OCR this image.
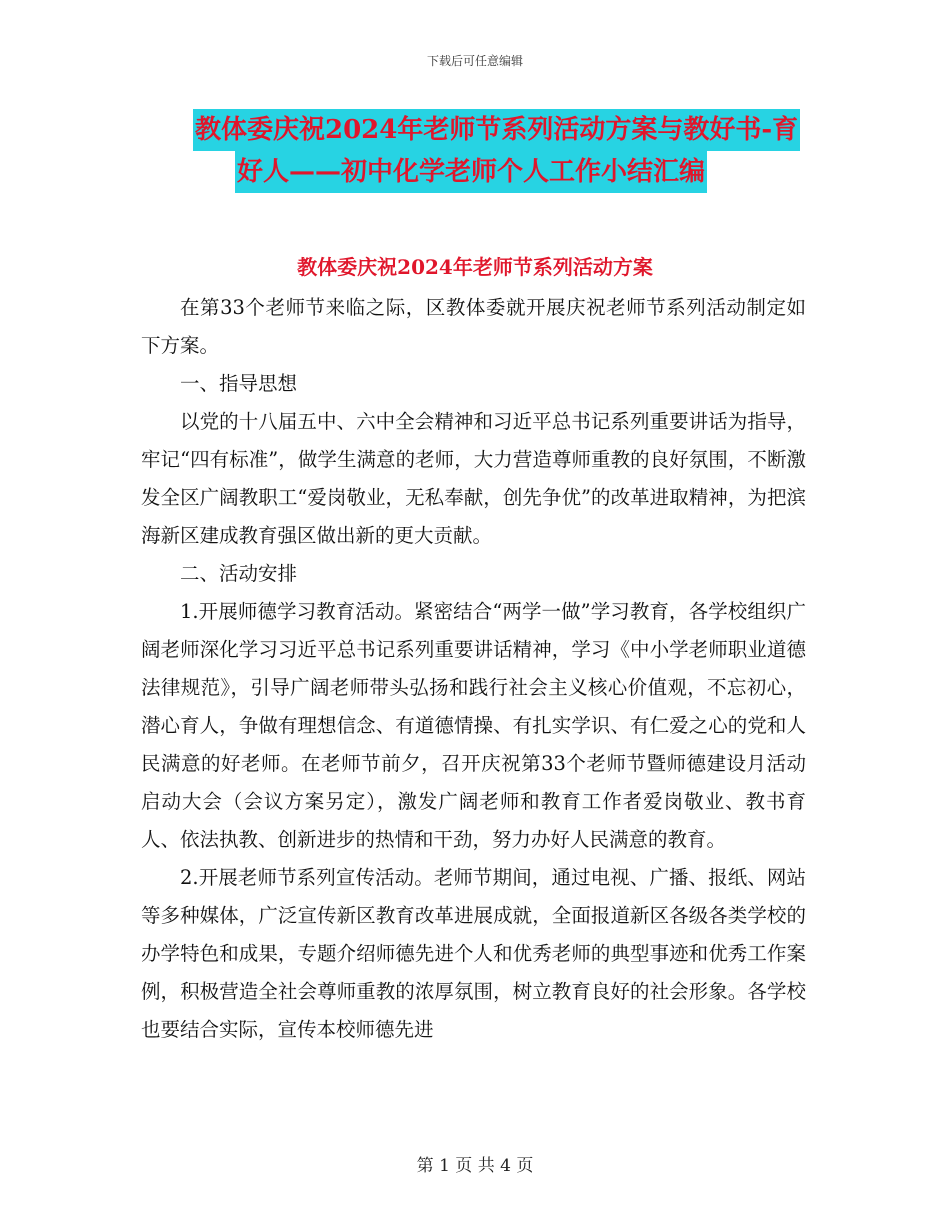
下载后可任意编辑
教体委庆祝2024年老师节系列活动方案与教好书-育
好人——初中化学老师个人工作小结汇编
教体委庆祝2024年老师节系列活动方案

在第33个老师节来临之际，区教体委就开展庆祝老师节系列活动制定如下方案。

一、指导思想

以党的十八届五中、六中全会精神和习近平总书记系列重要讲话为指导，牢记“四有标准”，做学生满意的老师，大力营造尊师重教的良好氛围，不断激发全区广阔教职工“爱岗敬业，无私奉献，创先争优”的改革进取精神，为把滨海新区建成教育强区做出新的更大贡献。

二、活动安排

1.开展师德学习教育活动。紧密结合“两学一做”学习教育，各学校组织广阔老师深化学习习近平总书记系列重要讲话精神，学习《中小学老师职业道德法律规范》，引导广阔老师带头弘扬和践行社会主义核心价值观，不忘初心，潜心育人，争做有理想信念、有道德情操、有扎实学识、有仁爱之心的党和人民满意的好老师。在老师节前夕，召开庆祝第33个老师节暨师德建设月活动启动大会（会议方案另定），激发广阔老师和教育工作者爱岗敬业、教书育人、依法执教、创新进步的热情和干劲，努力办好人民满意的教育。

2.开展老师节系列宣传活动。老师节期间，通过电视、广播、报纸、网站等多种媒体，广泛宣传新区教育改革进展成就，全面报道新区各级各类学校的办学特色和成果，专题介绍师德先进个人和优秀老师的典型事迹和优秀工作案例，积极营造全社会尊师重教的浓厚氛围，树立教育良好的社会形象。各学校也要结合实际，宣传本校师德先进

第 1 页 共 4 页
